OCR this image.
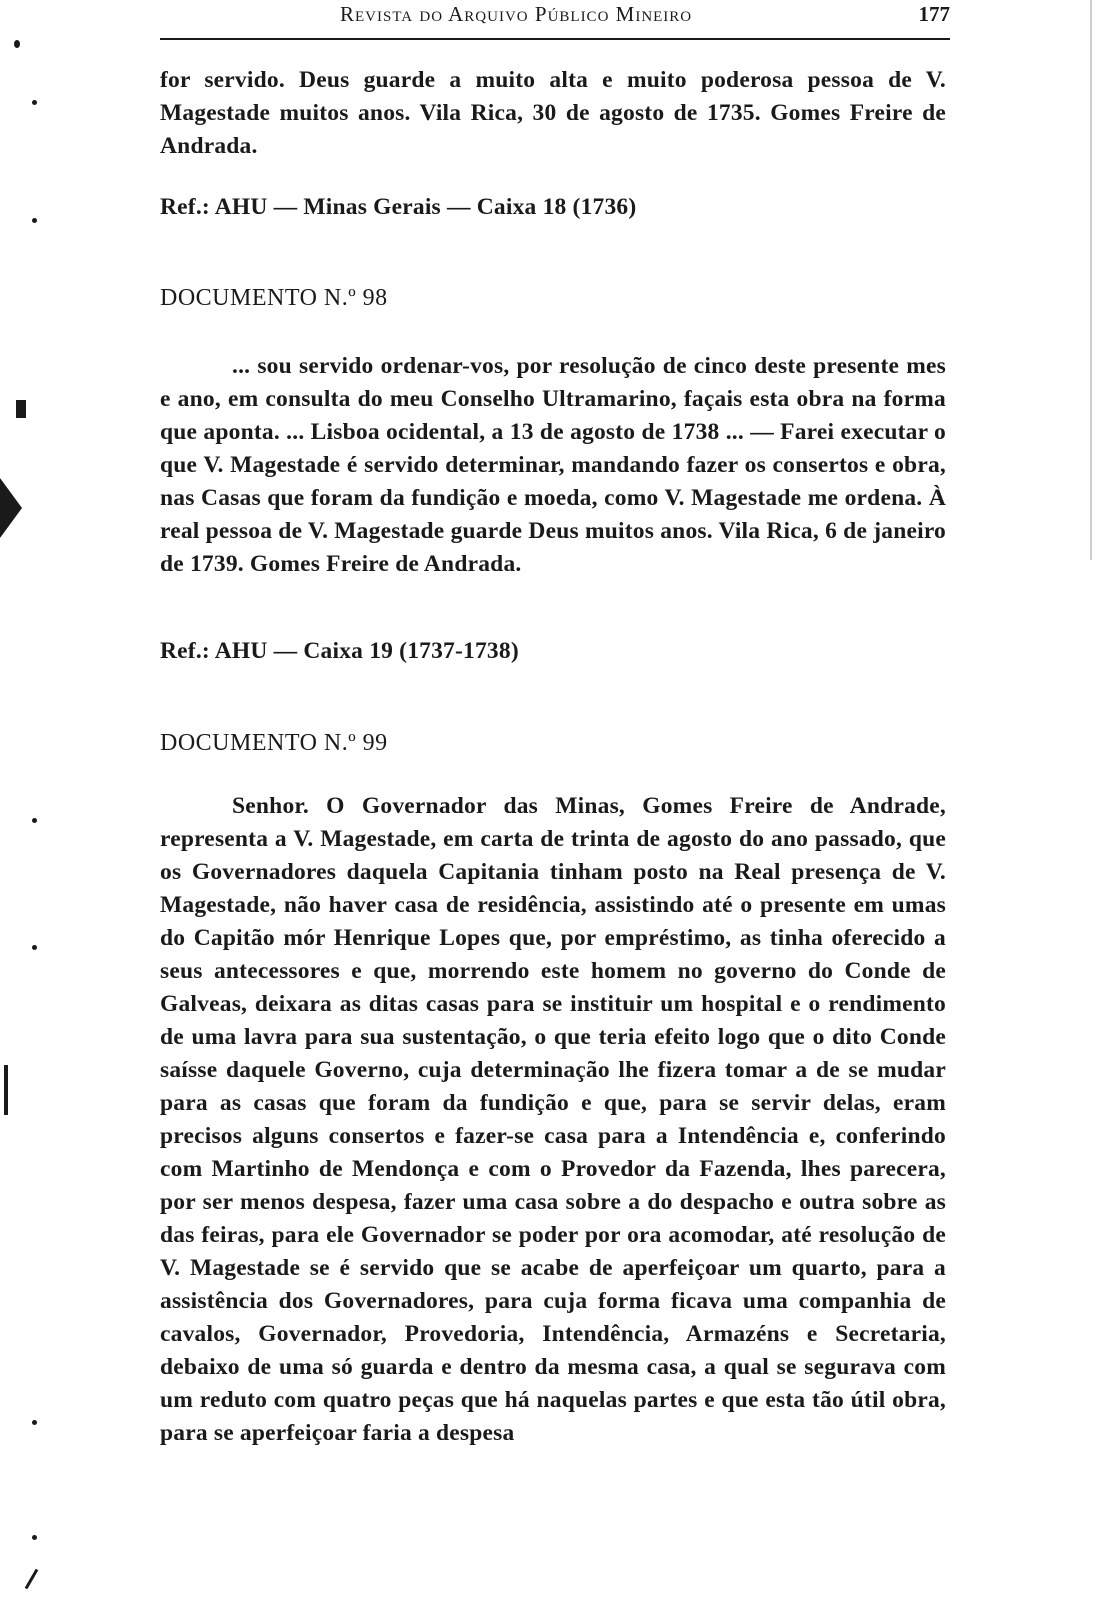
Revista do Arquivo Público Mineiro	177
for servido. Deus guarde a muito alta e muito poderosa pessoa de V. Magestade muitos anos. Vila Rica, 30 de agosto de 1735. Gomes Freire de Andrada.
Ref.: AHU — Minas Gerais — Caixa 18 (1736)
DOCUMENTO N.º 98
... sou servido ordenar-vos, por resolução de cinco deste presente mes e ano, em consulta do meu Conselho Ultramarino, façais esta obra na forma que aponta. ... Lisboa ocidental, a 13 de agosto de 1738 ... — Farei executar o que V. Magestade é servido determinar, mandando fazer os consertos e obra, nas Casas que foram da fundição e moeda, como V. Magestade me ordena. À real pessoa de V. Magestade guarde Deus muitos anos. Vila Rica, 6 de janeiro de 1739. Gomes Freire de Andrada.
Ref.: AHU — Caixa 19 (1737-1738)
DOCUMENTO N.º 99
Senhor. O Governador das Minas, Gomes Freire de Andrade, representa a V. Magestade, em carta de trinta de agosto do ano passado, que os Governadores daquela Capitania tinham posto na Real presença de V. Magestade, não haver casa de residência, assistindo até o presente em umas do Capitão mór Henrique Lopes que, por empréstimo, as tinha oferecido a seus antecessores e que, morrendo este homem no governo do Conde de Galveas, deixara as ditas casas para se instituir um hospital e o rendimento de uma lavra para sua sustentação, o que teria efeito logo que o dito Conde saísse daquele Governo, cuja determinação lhe fizera tomar a de se mudar para as casas que foram da fundição e que, para se servir delas, eram precisos alguns consertos e fazer-se casa para a Intendência e, conferindo com Martinho de Mendonça e com o Provedor da Fazenda, lhes parecera, por ser menos despesa, fazer uma casa sobre a do despacho e outra sobre as das feiras, para ele Governador se poder por ora acomodar, até resolução de V. Magestade se é servido que se acabe de aperfeiçoar um quarto, para a assistência dos Governadores, para cuja forma ficava uma companhia de cavalos, Governador, Provedoria, Intendência, Armazéns e Secretaria, debaixo de uma só guarda e dentro da mesma casa, a qual se segurava com um reduto com quatro peças que há naquelas partes e que esta tão útil obra, para se aperfeiçoar faria a despesa
